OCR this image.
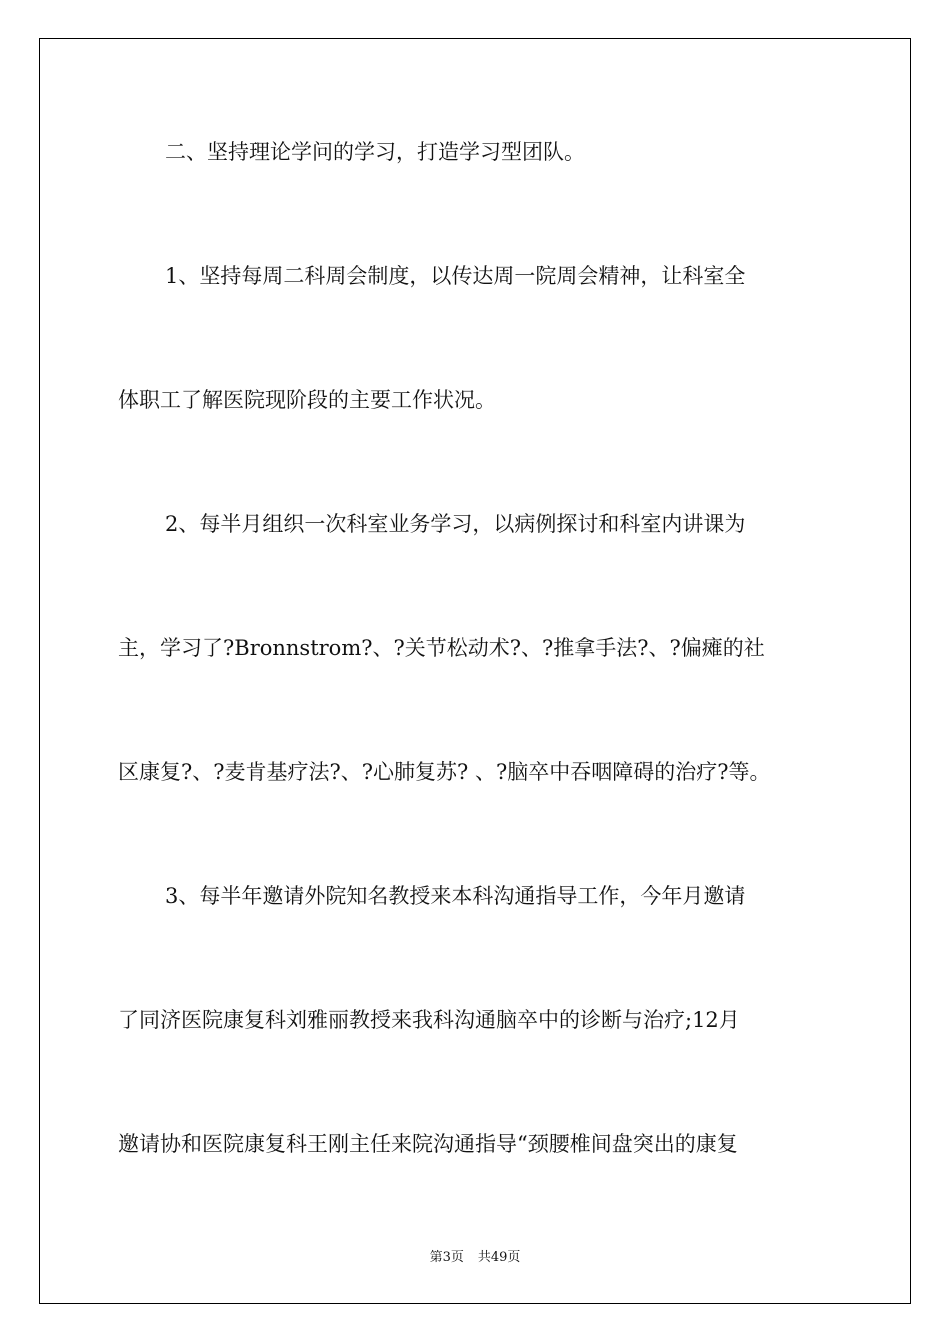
二、坚持理论学问的学习，打造学习型团队。
1、坚持每周二科周会制度，以传达周一院周会精神，让科室全
体职工了解医院现阶段的主要工作状况。
2、每半月组织一次科室业务学习，以病例探讨和科室内讲课为
主，学习了?Bronnstrom?、?关节松动术?、?推拿手法?、?偏瘫的社
区康复?、?麦肯基疗法?、?心肺复苏? 、?脑卒中吞咽障碍的治疗?等。
3、每半年邀请外院知名教授来本科沟通指导工作，今年月邀请
了同济医院康复科刘雅丽教授来我科沟通脑卒中的诊断与治疗;12月
邀请协和医院康复科王刚主任来院沟通指导“颈腰椎间盘突出的康复
第3页 共49页
